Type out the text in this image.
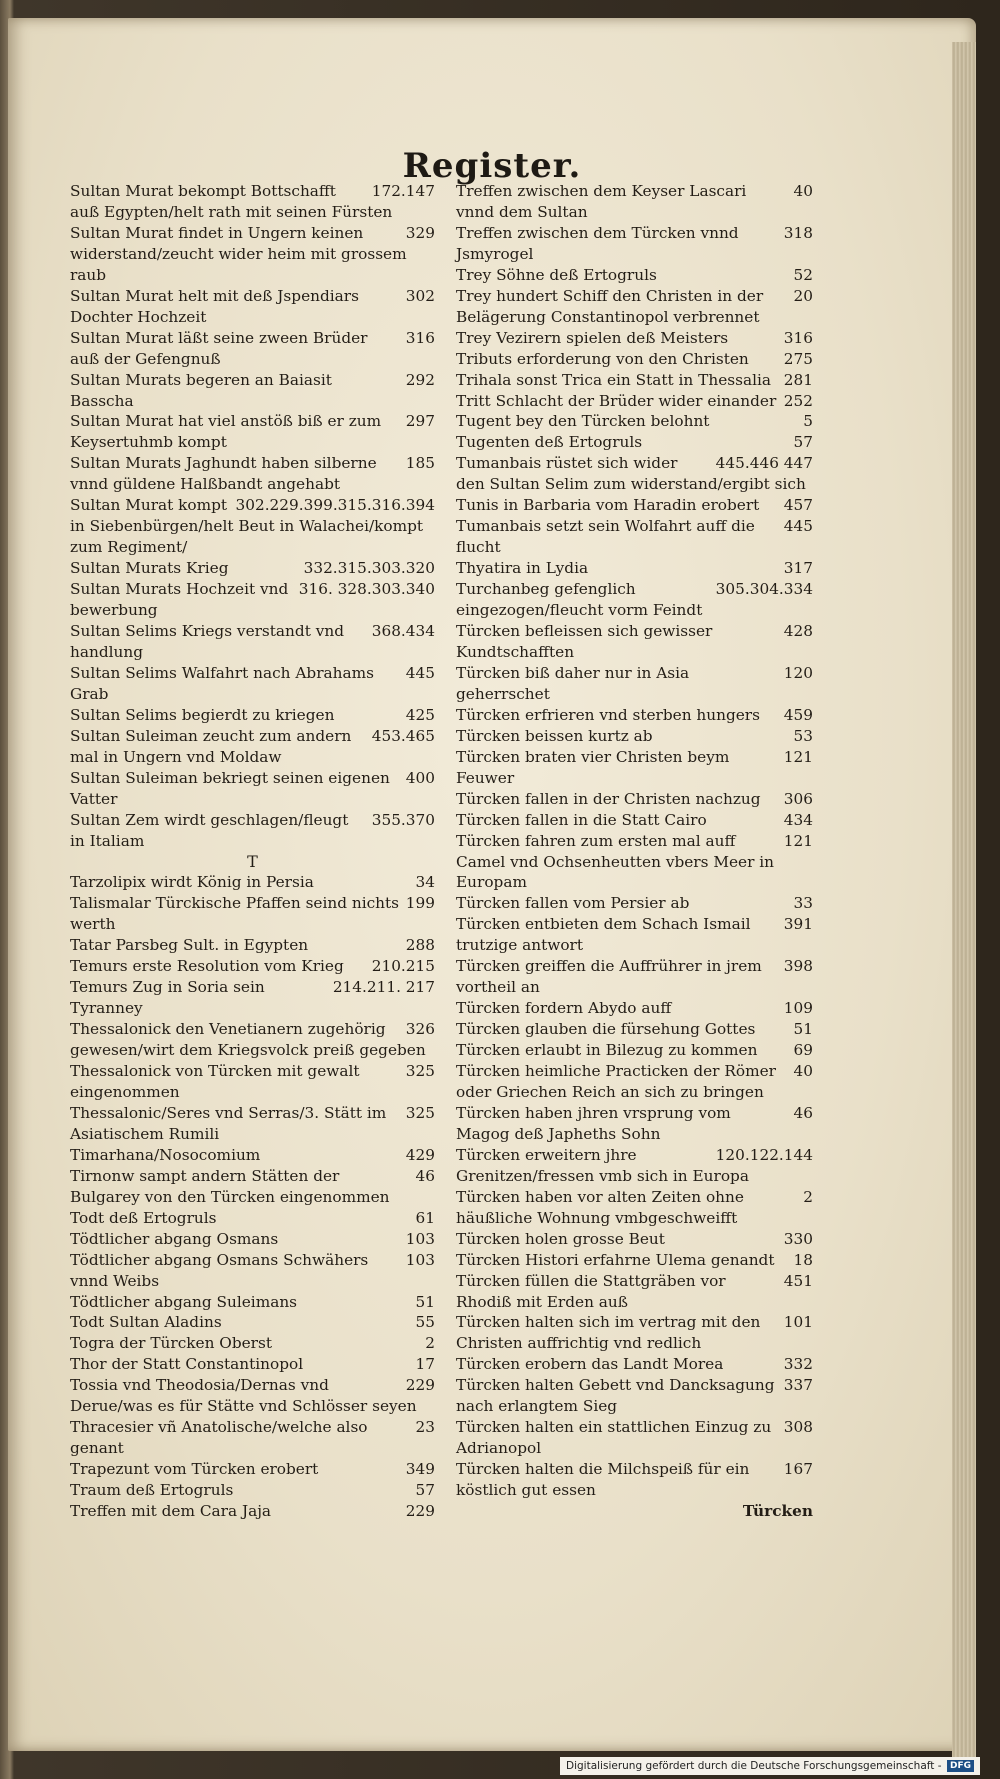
Register.
172.147
Sultan Murat bekompt Bottschafft auß Egypten/helt rath mit seinen Fürsten
329
Sultan Murat findet in Ungern keinen widerstand/zeucht wider heim mit grossem raub
302
Sultan Murat helt mit deß Jspendiars Dochter Hochzeit
316
Sultan Murat läßt seine zween Brüder auß der Gefengnuß
292
Sultan Murats begeren an Baiasit Basscha
297
Sultan Murat hat viel anstöß biß er zum Keysertuhmb kompt
185
Sultan Murats Jaghundt haben silberne vnnd güldene Halßbandt angehabt
302.229.399.315.316.394
Sultan Murat kompt in Siebenbürgen/helt Beut in Walachei/kompt zum Regiment/
332.315.303.320
Sultan Murats Krieg
316. 328.303.340
Sultan Murats Hochzeit vnd bewerbung
368.434
Sultan Selims Kriegs verstandt vnd handlung
445
Sultan Selims Walfahrt nach Abrahams Grab
425
Sultan Selims begierdt zu kriegen
453.465
Sultan Suleiman zeucht zum andern mal in Ungern vnd Moldaw
400
Sultan Suleiman bekriegt seinen eigenen Vatter
355.370
Sultan Zem wirdt geschlagen/fleugt in Italiam
T
34
Tarzolipix wirdt König in Persia
199
Talismalar Türckische Pfaffen seind nichts werth
288
Tatar Parsbeg Sult. in Egypten
210.215
Temurs erste Resolution vom Krieg
214.211. 217
Temurs Zug in Soria sein Tyranney
326
Thessalonick den Venetianern zugehörig gewesen/wirt dem Kriegsvolck preiß gegeben
325
Thessalonick von Türcken mit gewalt eingenommen
325
Thessalonic/Seres vnd Serras/3. Stätt im Asiatischem Rumili
429
Timarhana/Nosocomium
46
Tirnonw sampt andern Stätten der Bulgarey von den Türcken eingenommen
61
Todt deß Ertogruls
103
Tödtlicher abgang Osmans
103
Tödtlicher abgang Osmans Schwähers vnnd Weibs
51
Tödtlicher abgang Suleimans
55
Todt Sultan Aladins
2
Togra der Türcken Oberst
17
Thor der Statt Constantinopol
229
Tossia vnd Theodosia/Dernas vnd Derue/was es für Stätte vnd Schlösser seyen
23
Thracesier vñ Anatolische/welche also genant
349
Trapezunt vom Türcken erobert
57
Traum deß Ertogruls
229
Treffen mit dem Cara Jaja
40
Treffen zwischen dem Keyser Lascari vnnd dem Sultan
318
Treffen zwischen dem Türcken vnnd Jsmyrogel
52
Trey Söhne deß Ertogruls
20
Trey hundert Schiff den Christen in der Belägerung Constantinopol verbrennet
316
Trey Vezirern spielen deß Meisters
275
Tributs erforderung von den Christen
281
Trihala sonst Trica ein Statt in Thessalia
252
Tritt Schlacht der Brüder wider einander
5
Tugent bey den Türcken belohnt
57
Tugenten deß Ertogruls
445.446 447
Tumanbais rüstet sich wider den Sultan Selim zum widerstand/ergibt sich
457
Tunis in Barbaria vom Haradin erobert
445
Tumanbais setzt sein Wolfahrt auff die flucht
317
Thyatira in Lydia
305.304.334
Turchanbeg gefenglich eingezogen/fleucht vorm Feindt
428
Türcken befleissen sich gewisser Kundtschafften
120
Türcken biß daher nur in Asia geherrschet
459
Türcken erfrieren vnd sterben hungers
53
Türcken beissen kurtz ab
121
Türcken braten vier Christen beym Feuwer
306
Türcken fallen in der Christen nachzug
434
Türcken fallen in die Statt Cairo
121
Türcken fahren zum ersten mal auff Camel vnd Ochsenheutten vbers Meer in Europam
33
Türcken fallen vom Persier ab
391
Türcken entbieten dem Schach Ismail trutzige antwort
398
Türcken greiffen die Auffrührer in jrem vortheil an
109
Türcken fordern Abydo auff
51
Türcken glauben die fürsehung Gottes
69
Türcken erlaubt in Bilezug zu kommen
40
Türcken heimliche Practicken der Römer oder Griechen Reich an sich zu bringen
46
Türcken haben jhren vrsprung vom Magog deß Japheths Sohn
120.122.144
Türcken erweitern jhre Grenitzen/fressen vmb sich in Europa
2
Türcken haben vor alten Zeiten ohne häußliche Wohnung vmbgeschweifft
330
Türcken holen grosse Beut
18
Türcken Histori erfahrne Ulema genandt
451
Türcken füllen die Stattgräben vor Rhodiß mit Erden auß
101
Türcken halten sich im vertrag mit den Christen auffrichtig vnd redlich
332
Türcken erobern das Landt Morea
337
Türcken halten Gebett vnd Dancksagung nach erlangtem Sieg
308
Türcken halten ein stattlichen Einzug zu Adrianopol
167
Türcken halten die Milchspeiß für ein köstlich gut essen
Türcken
Digitalisierung gefördert durch die Deutsche Forschungsgemeinschaft - DFG
